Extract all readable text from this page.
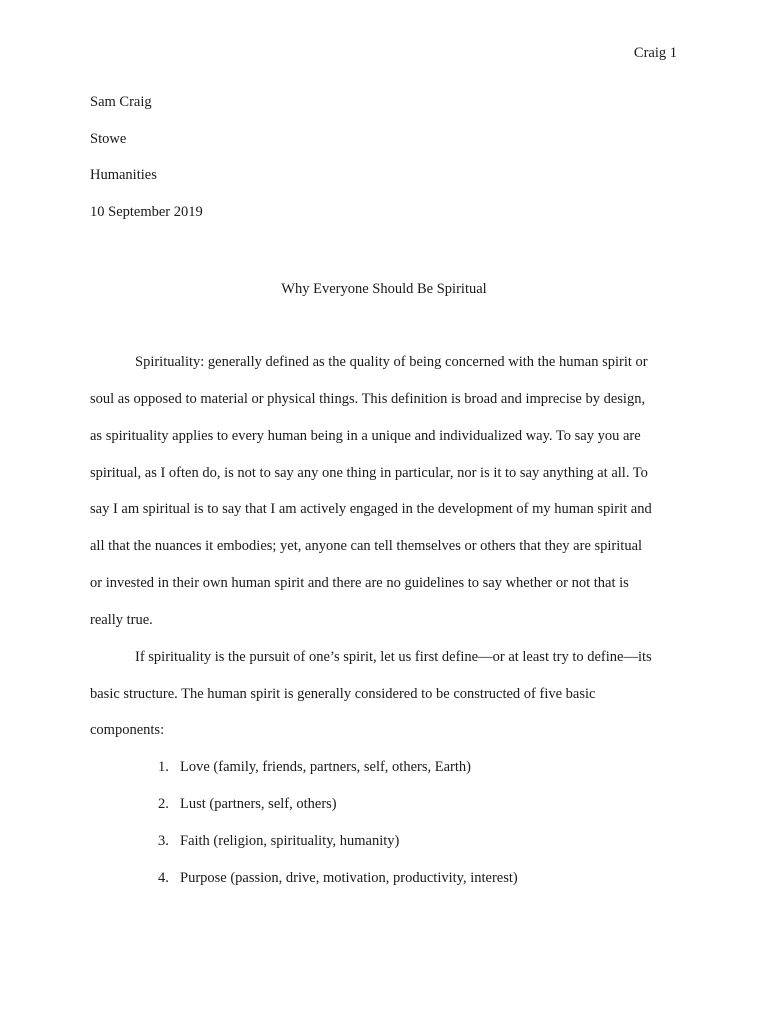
Craig 1
Sam Craig
Stowe
Humanities
10 September 2019
Why Everyone Should Be Spiritual
Spirituality: generally defined as the quality of being concerned with the human spirit or
soul as opposed to material or physical things. This definition is broad and imprecise by design,
as spirituality applies to every human being in a unique and individualized way. To say you are
spiritual, as I often do, is not to say any one thing in particular, nor is it to say anything at all. To
say I am spiritual is to say that I am actively engaged in the development of my human spirit and
all that the nuances it embodies; yet, anyone can tell themselves or others that they are spiritual
or invested in their own human spirit and there are no guidelines to say whether or not that is
really true.
If spirituality is the pursuit of one’s spirit, let us first define—or at least try to define—its
basic structure. The human spirit is generally considered to be constructed of five basic
components:
1. Love (family, friends, partners, self, others, Earth)
2. Lust (partners, self, others)
3. Faith (religion, spirituality, humanity)
4. Purpose (passion, drive, motivation, productivity, interest)
